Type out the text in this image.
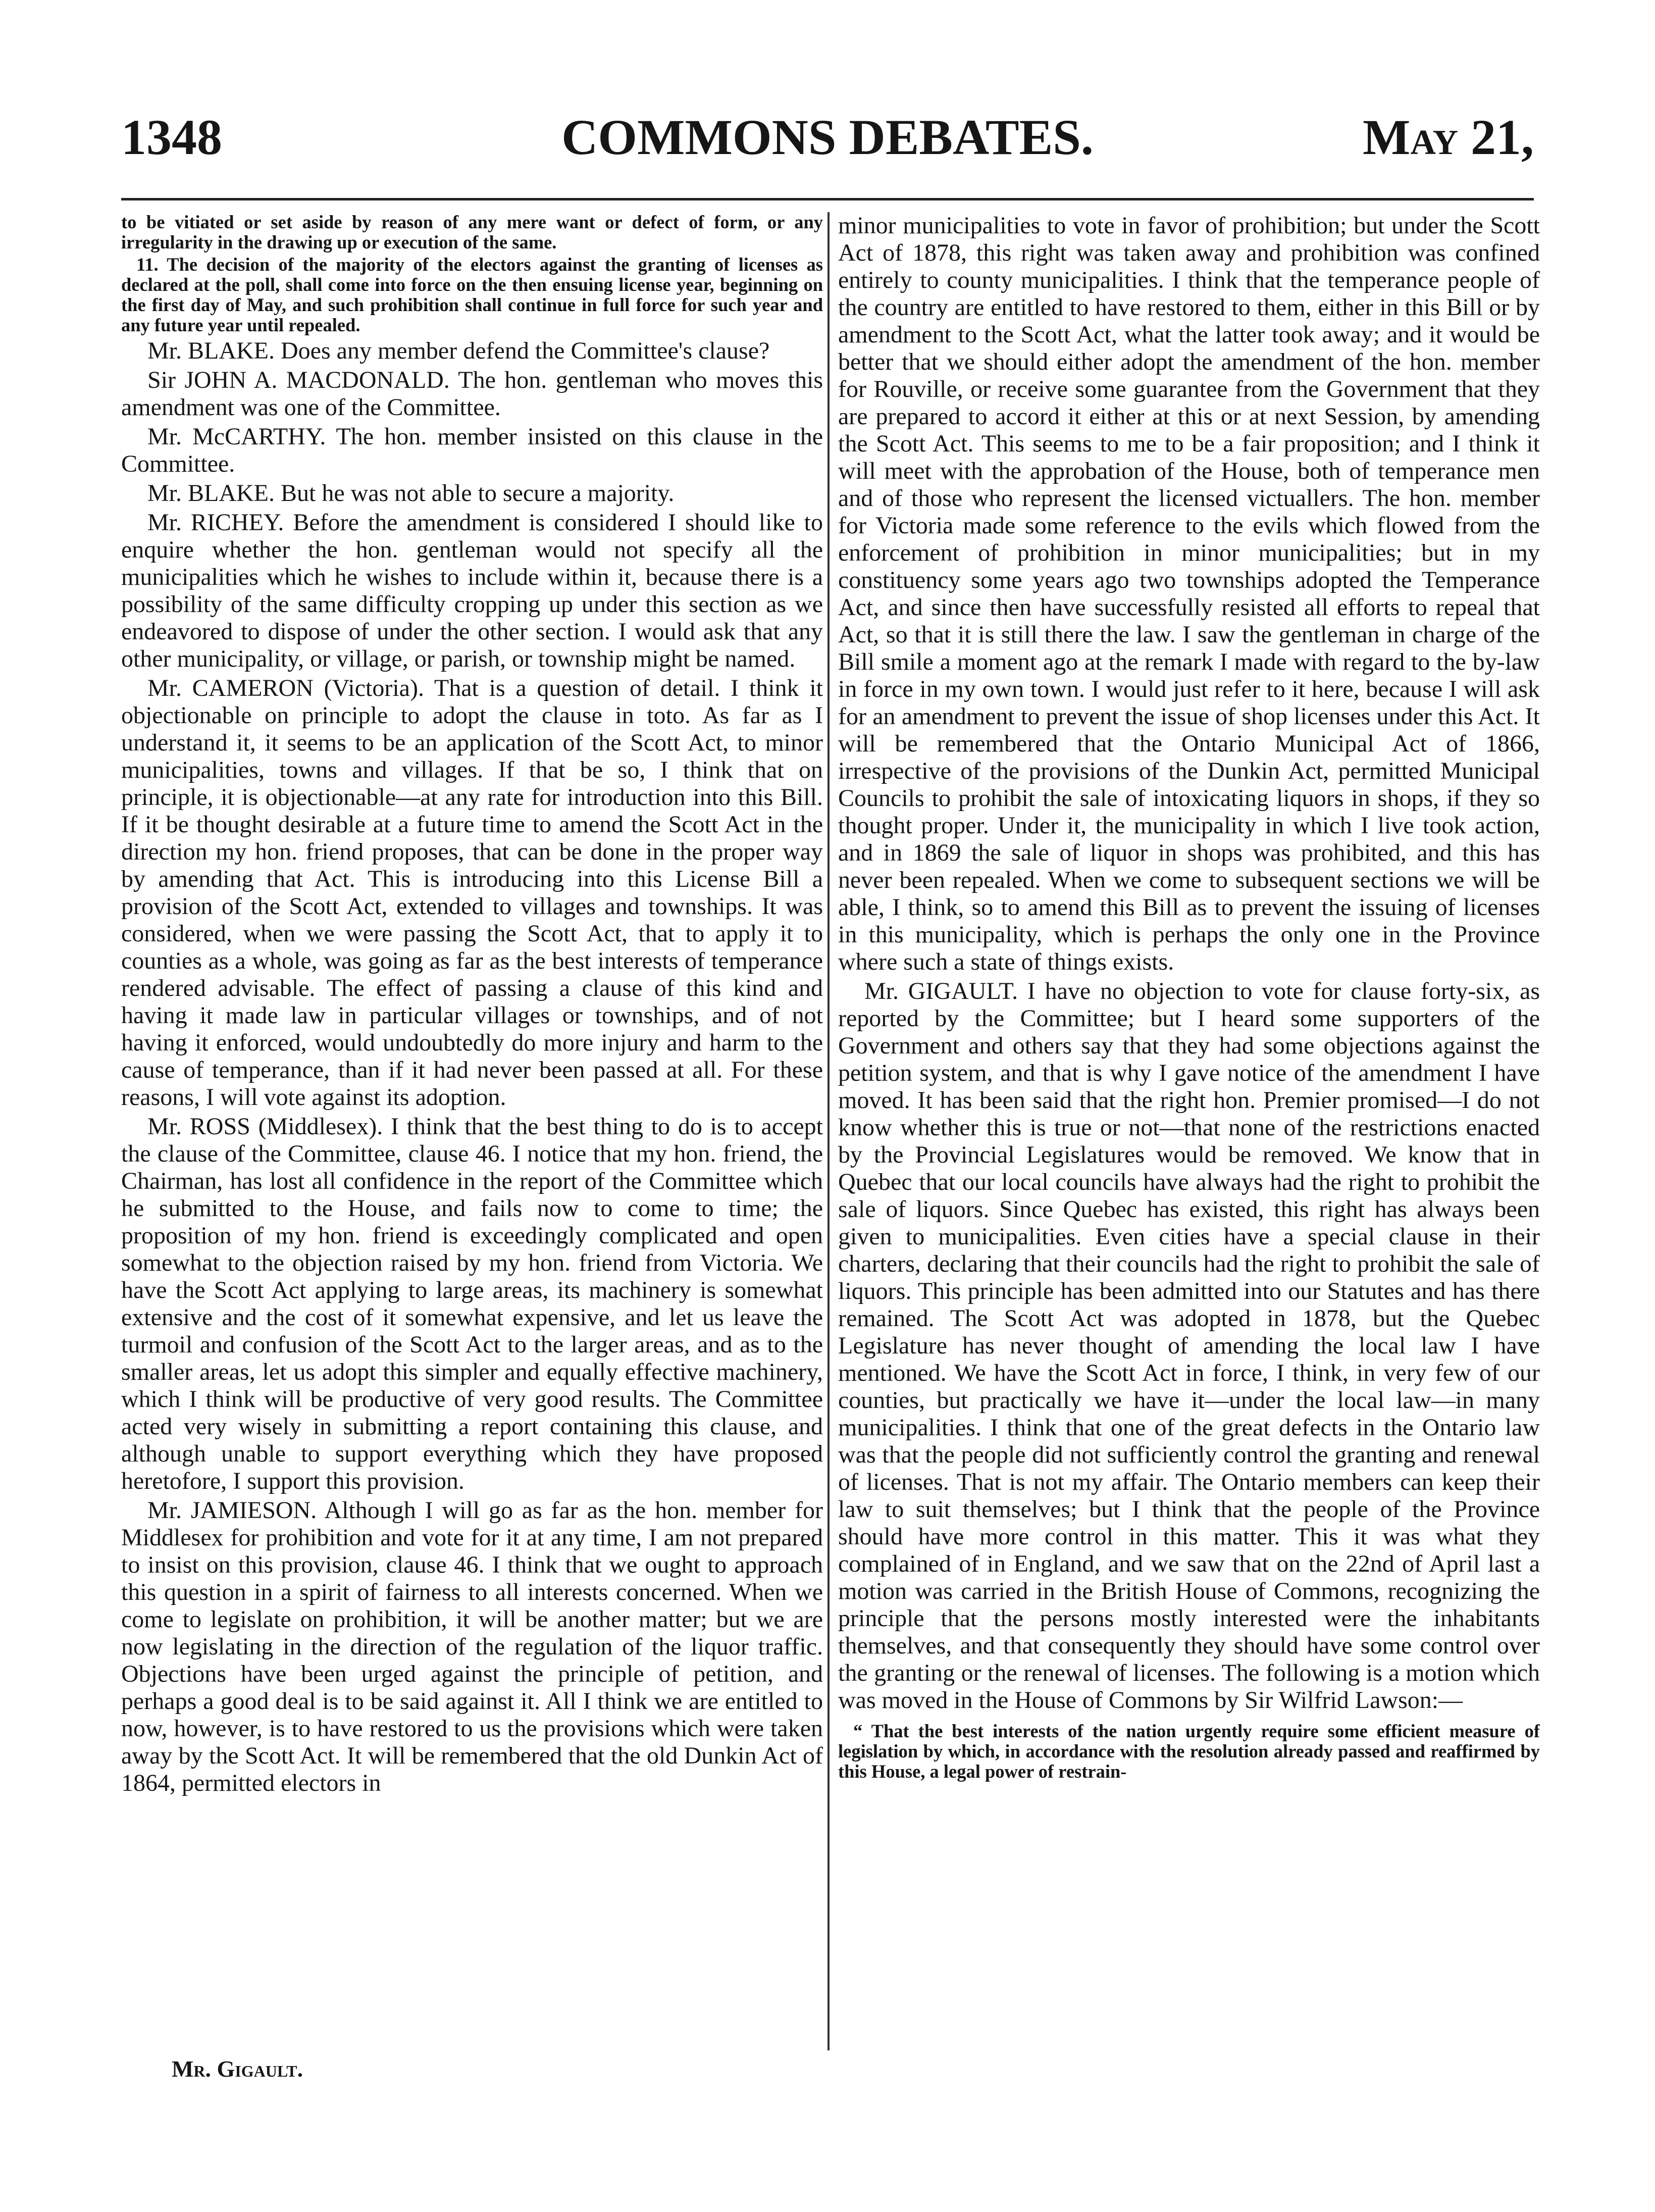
1348	COMMONS DEBATES.	May 21,

to be vitiated or set aside by reason of any mere want or defect of form, or any irregularity in the drawing up or execution of the same.

11. The decision of the majority of the electors against the granting of licenses as declared at the poll, shall come into force on the then ensuing license year, beginning on the first day of May, and such prohibition shall continue in full force for such year and any future year until repealed.

Mr. BLAKE. Does any member defend the Committee's clause?

Sir JOHN A. MACDONALD. The hon. gentleman who moves this amendment was one of the Committee.

Mr. McCARTHY. The hon. member insisted on this clause in the Committee.

Mr. BLAKE. But he was not able to secure a majority.

Mr. RICHEY. Before the amendment is considered I should like to enquire whether the hon. gentleman would not specify all the municipalities which he wishes to include within it, because there is a possibility of the same difficulty cropping up under this section as we endeavored to dispose of under the other section. I would ask that any other municipality, or village, or parish, or township might be named.

Mr. CAMERON (Victoria). That is a question of detail. I think it objectionable on principle to adopt the clause in toto. As far as I understand it, it seems to be an application of the Scott Act, to minor municipalities, towns and villages. If that be so, I think that on principle, it is objectionable—at any rate for introduction into this Bill. If it be thought desirable at a future time to amend the Scott Act in the direction my hon. friend proposes, that can be done in the proper way by amending that Act. This is introducing into this License Bill a provision of the Scott Act, extended to villages and townships. It was considered, when we were passing the Scott Act, that to apply it to counties as a whole, was going as far as the best interests of temperance rendered advisable. The effect of passing a clause of this kind and having it made law in particular villages or townships, and of not having it enforced, would undoubtedly do more injury and harm to the cause of temperance, than if it had never been passed at all. For these reasons, I will vote against its adoption.

Mr. ROSS (Middlesex). I think that the best thing to do is to accept the clause of the Committee, clause 46. I notice that my hon. friend, the Chairman, has lost all confidence in the report of the Committee which he submitted to the House, and fails now to come to time; the proposition of my hon. friend is exceedingly complicated and open somewhat to the objection raised by my hon. friend from Victoria. We have the Scott Act applying to large areas, its machinery is somewhat extensive and the cost of it somewhat expensive, and let us leave the turmoil and confusion of the Scott Act to the larger areas, and as to the smaller areas, let us adopt this simpler and equally effective machinery, which I think will be productive of very good results. The Committee acted very wisely in submitting a report containing this clause, and although unable to support everything which they have proposed heretofore, I support this provision.

Mr. JAMIESON. Although I will go as far as the hon. member for Middlesex for prohibition and vote for it at any time, I am not prepared to insist on this provision, clause 46. I think that we ought to approach this question in a spirit of fairness to all interests concerned. When we come to legislate on prohibition, it will be another matter; but we are now legislating in the direction of the regulation of the liquor traffic. Objections have been urged against the principle of petition, and perhaps a good deal is to be said against it. All I think we are entitled to now, however, is to have restored to us the provisions which were taken away by the Scott Act. It will be remembered that the old Dunkin Act of 1864, permitted electors in

minor municipalities to vote in favor of prohibition; but under the Scott Act of 1878, this right was taken away and prohibition was confined entirely to county municipalities. I think that the temperance people of the country are entitled to have restored to them, either in this Bill or by amendment to the Scott Act, what the latter took away; and it would be better that we should either adopt the amendment of the hon. member for Rouville, or receive some guarantee from the Government that they are prepared to accord it either at this or at next Session, by amending the Scott Act. This seems to me to be a fair proposition; and I think it will meet with the approbation of the House, both of temperance men and of those who represent the licensed victuallers. The hon. member for Victoria made some reference to the evils which flowed from the enforcement of prohibition in minor municipalities; but in my constituency some years ago two townships adopted the Temperance Act, and since then have successfully resisted all efforts to repeal that Act, so that it is still there the law. I saw the gentleman in charge of the Bill smile a moment ago at the remark I made with regard to the by-law in force in my own town. I would just refer to it here, because I will ask for an amendment to prevent the issue of shop licenses under this Act. It will be remembered that the Ontario Municipal Act of 1866, irrespective of the provisions of the Dunkin Act, permitted Municipal Councils to prohibit the sale of intoxicating liquors in shops, if they so thought proper. Under it, the municipality in which I live took action, and in 1869 the sale of liquor in shops was prohibited, and this has never been repealed. When we come to subsequent sections we will be able, I think, so to amend this Bill as to prevent the issuing of licenses in this municipality, which is perhaps the only one in the Province where such a state of things exists.

Mr. GIGAULT. I have no objection to vote for clause forty-six, as reported by the Committee; but I heard some supporters of the Government and others say that they had some objections against the petition system, and that is why I gave notice of the amendment I have moved. It has been said that the right hon. Premier promised—I do not know whether this is true or not—that none of the restrictions enacted by the Provincial Legislatures would be removed. We know that in Quebec that our local councils have always had the right to prohibit the sale of liquors. Since Quebec has existed, this right has always been given to municipalities. Even cities have a special clause in their charters, declaring that their councils had the right to prohibit the sale of liquors. This principle has been admitted into our Statutes and has there remained. The Scott Act was adopted in 1878, but the Quebec Legislature has never thought of amending the local law I have mentioned. We have the Scott Act in force, I think, in very few of our counties, but practically we have it—under the local law—in many municipalities. I think that one of the great defects in the Ontario law was that the people did not sufficiently control the granting and renewal of licenses. That is not my affair. The Ontario members can keep their law to suit themselves; but I think that the people of the Province should have more control in this matter. This it was what they complained of in England, and we saw that on the 22nd of April last a motion was carried in the British House of Commons, recognizing the principle that the persons mostly interested were the inhabitants themselves, and that consequently they should have some control over the granting or the renewal of licenses. The following is a motion which was moved in the House of Commons by Sir Wilfrid Lawson:—

“ That the best interests of the nation urgently require some efficient measure of legislation by which, in accordance with the resolution already passed and reaffirmed by this House, a legal power of restrain-

Mr. Gigault.
